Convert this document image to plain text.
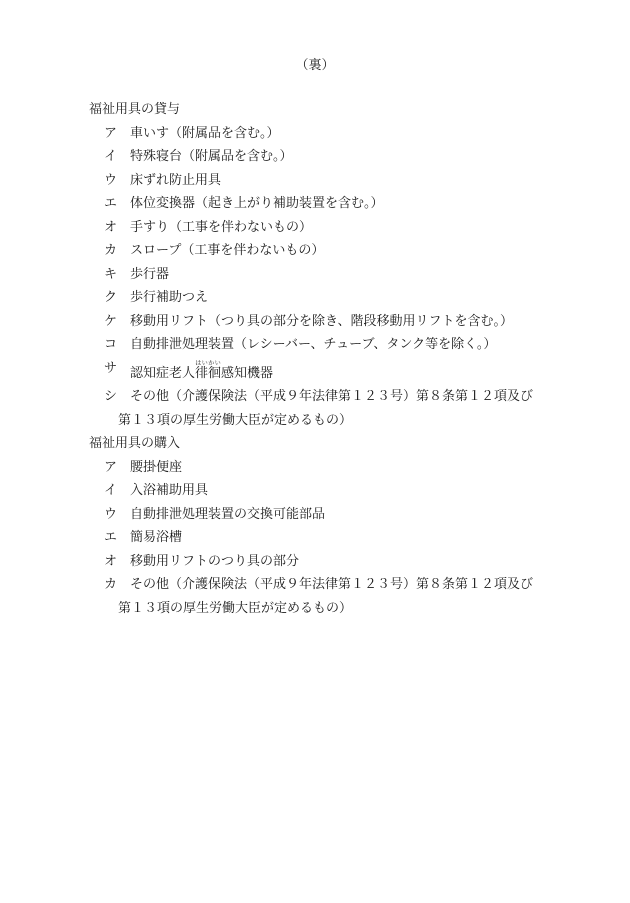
（裏）
福祉用具の貸与
ア 車いす（附属品を含む。）
イ 特殊寝台（附属品を含む。）
ウ 床ずれ防止用具
エ 体位変換器（起き上がり補助装置を含む。）
オ 手すり（工事を伴わないもの）
カ スロープ（工事を伴わないもの）
キ 歩行器
ク 歩行補助つえ
ケ 移動用リフト（つり具の部分を除き、階段移動用リフトを含む。）
コ 自動排泄処理装置（レシーバー、チューブ、タンク等を除く。）
サ 認知症老人徘徊はいかい感知機器
シ その他（介護保険法（平成９年法律第１２３号）第８条第１２項及び
第１３項の厚生労働大臣が定めるもの）
福祉用具の購入
ア 腰掛便座
イ 入浴補助用具
ウ 自動排泄処理装置の交換可能部品
エ 簡易浴槽
オ 移動用リフトのつり具の部分
カ その他（介護保険法（平成９年法律第１２３号）第８条第１２項及び
第１３項の厚生労働大臣が定めるもの）
